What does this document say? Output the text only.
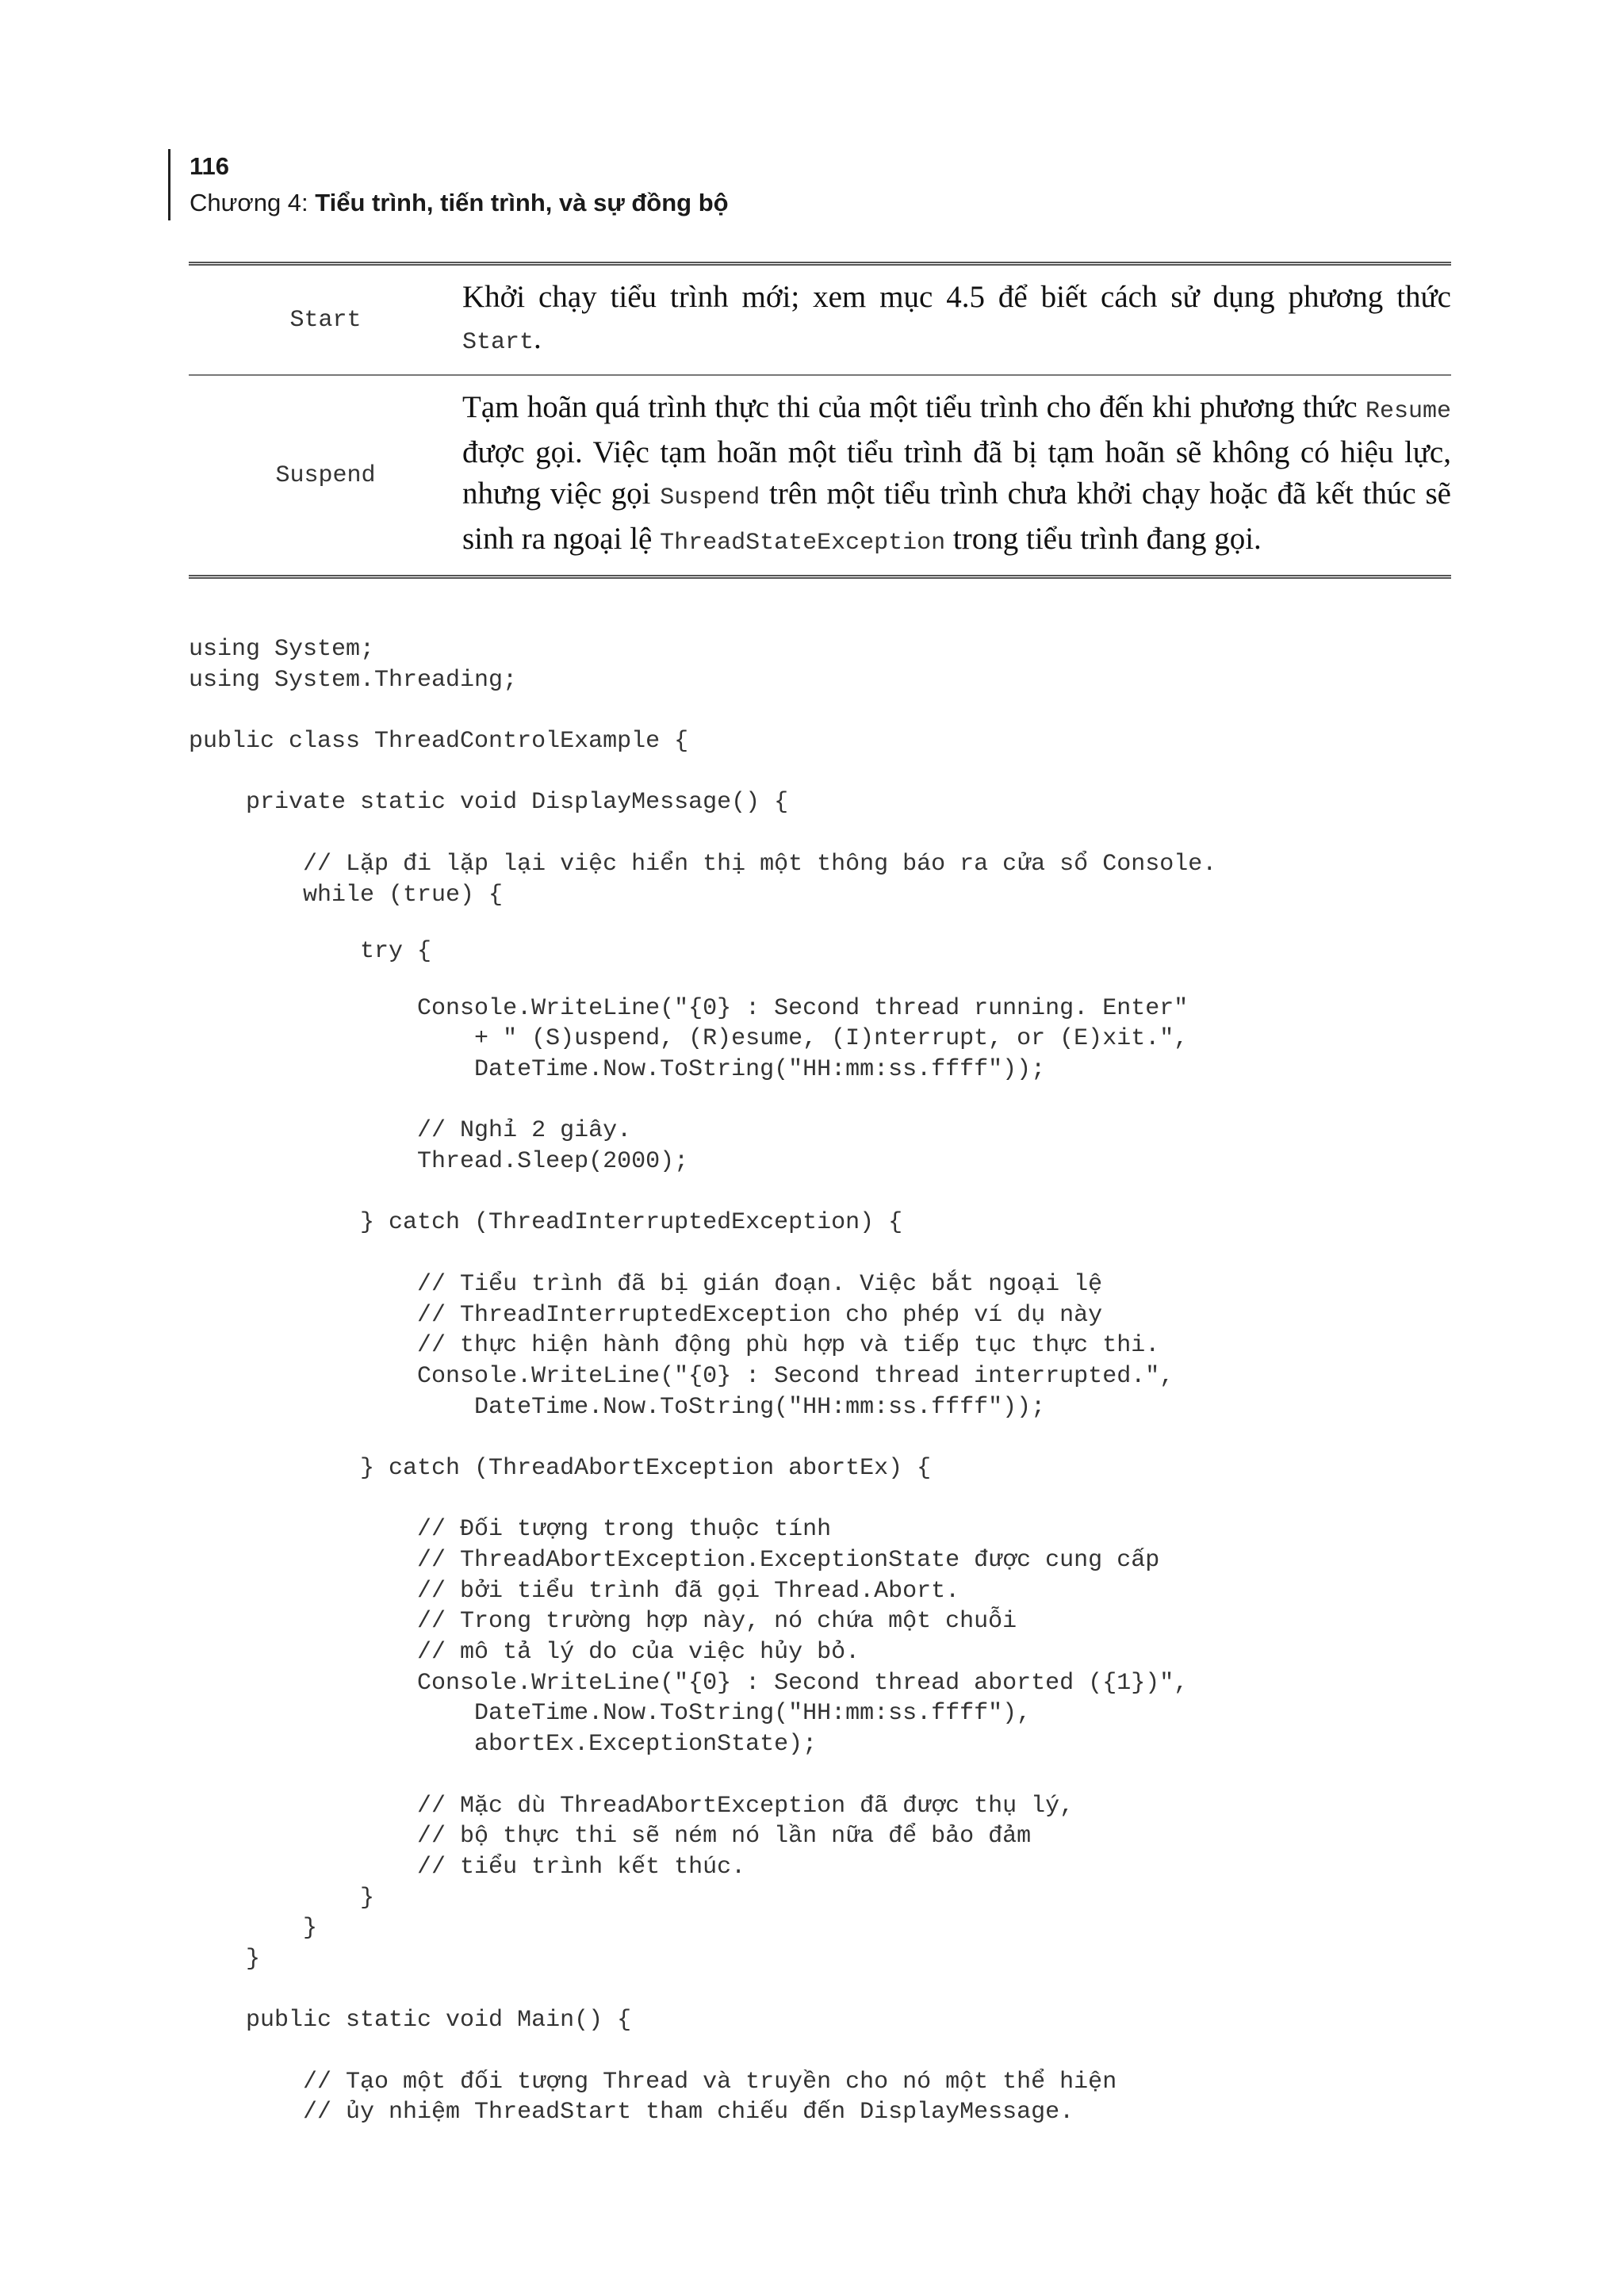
116
Chương 4: Tiểu trình, tiến trình, và sự đồng bộ
Start	Khởi chạy tiểu trình mới; xem mục 4.5 để biết cách sử dụng phương thức Start.
Suspend	Tạm hoãn quá trình thực thi của một tiểu trình cho đến khi phương thức Resume được gọi. Việc tạm hoãn một tiểu trình đã bị tạm hoãn sẽ không có hiệu lực, nhưng việc gọi Suspend trên một tiểu trình chưa khởi chạy hoặc đã kết thúc sẽ sinh ra ngoại lệ ThreadStateException trong tiểu trình đang gọi.
using System;
using System.Threading;
public class ThreadControlExample {
private static void DisplayMessage() {
// Lặp đi lặp lại việc hiển thị một thông báo ra cửa sổ Console.
while (true) {
try {
Console.WriteLine("{0} : Second thread running. Enter"
+ " (S)uspend, (R)esume, (I)nterrupt, or (E)xit.",
DateTime.Now.ToString("HH:mm:ss.ffff"));
// Nghỉ 2 giây.
Thread.Sleep(2000);
} catch (ThreadInterruptedException) {
// Tiểu trình đã bị gián đoạn. Việc bắt ngoại lệ
// ThreadInterruptedException cho phép ví dụ này
// thực hiện hành động phù hợp và tiếp tục thực thi.
Console.WriteLine("{0} : Second thread interrupted.",
DateTime.Now.ToString("HH:mm:ss.ffff"));
} catch (ThreadAbortException abortEx) {
// Đối tượng trong thuộc tính
// ThreadAbortException.ExceptionState được cung cấp
// bởi tiểu trình đã gọi Thread.Abort.
// Trong trường hợp này, nó chứa một chuỗi
// mô tả lý do của việc hủy bỏ.
Console.WriteLine("{0} : Second thread aborted ({1})",
DateTime.Now.ToString("HH:mm:ss.ffff"),
abortEx.ExceptionState);
// Mặc dù ThreadAbortException đã được thụ lý,
// bộ thực thi sẽ ném nó lần nữa để bảo đảm
// tiểu trình kết thúc.
}
}
}
public static void Main() {
// Tạo một đối tượng Thread và truyền cho nó một thể hiện
// ủy nhiệm ThreadStart tham chiếu đến DisplayMessage.
